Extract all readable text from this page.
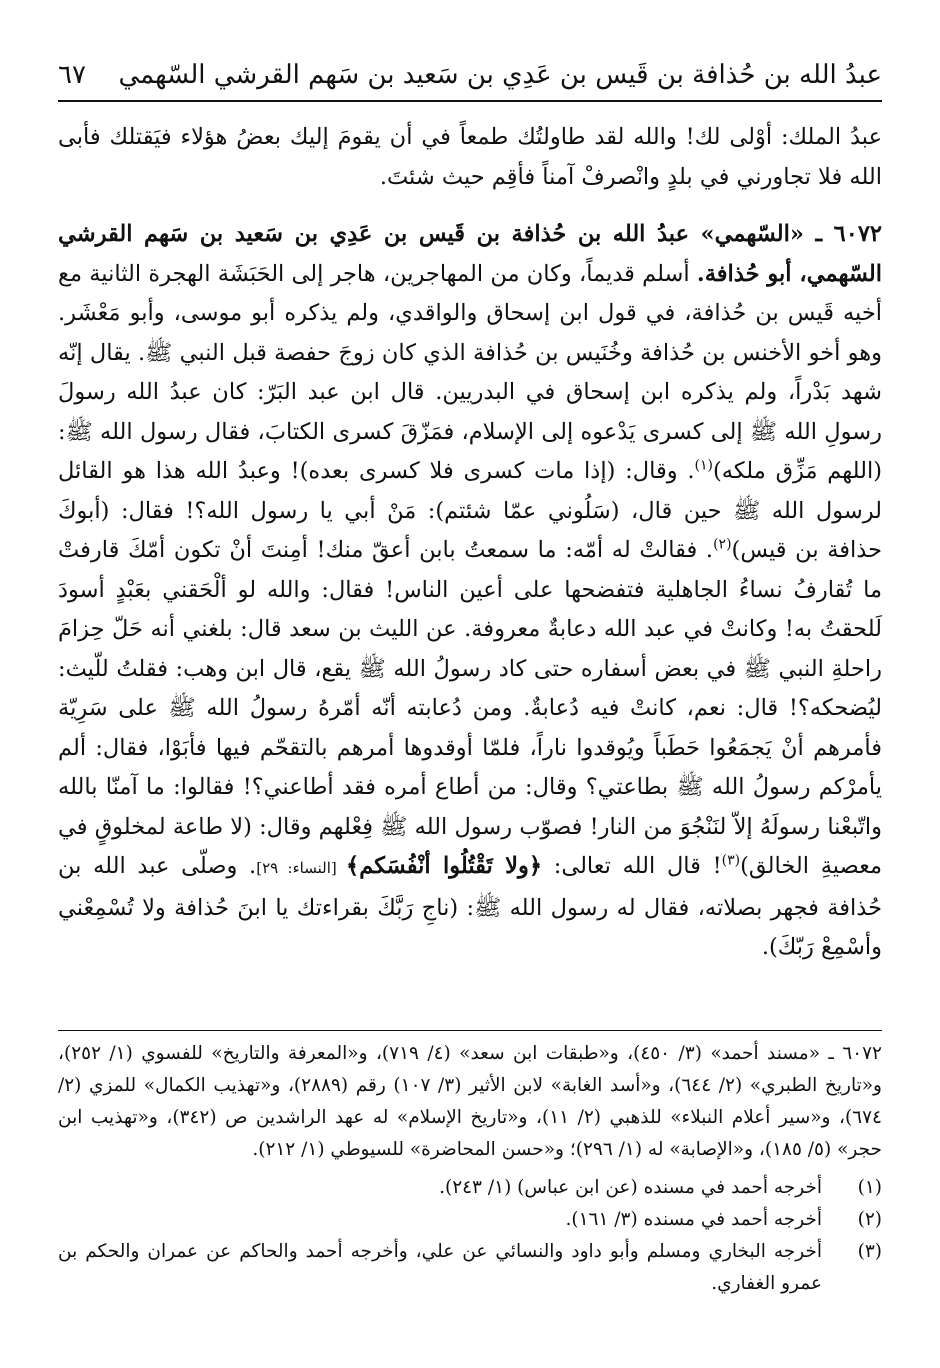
عبدُ الله بن حُذافة بن قَيس بن عَدِي بن سَعيد بن سَهم القرشي السّهمي
٦٧

عبدُ الملك: أوْلى لك! والله لقد طاولتُك طمعاً في أن يقومَ إليك بعضُ هؤلاء فيَقتلك فأبى الله فلا تجاورني في بلدٍ وانْصرفْ آمناً فأقِم حيث شئتَ.

٦٠٧٢ ـ «السّهمي» عبدُ الله بن حُذافة بن قَيس بن عَدِي بن سَعيد بن سَهم القرشي السّهمي، أبو حُذافة. أسلم قديماً، وكان من المهاجرين، هاجر إلى الحَبَشَة الهجرة الثانية مع أخيه قَيس بن حُذافة، في قول ابن إسحاق والواقدي، ولم يذكره أبو موسى، وأبو مَعْشَر. وهو أخو الأخنس بن حُذافة وخُنَيس بن حُذافة الذي كان زوجَ حفصة قبل النبي ﷺ. يقال إنّه شهد بَدْراً، ولم يذكره ابن إسحاق في البدريين. قال ابن عبد البَرّ: كان عبدُ الله رسولَ رسولِ الله ﷺ إلى كسرى يَدْعوه إلى الإسلام، فمَزّقَ كسرى الكتابَ، فقال رسول الله ﷺ: (اللهم مَزِّق ملكه)$^{(١)}$. وقال: (إذا مات كسرى فلا كسرى بعده)! وعبدُ الله هذا هو القائل لرسول الله ﷺ حين قال، (سَلُوني عمّا شئتم): مَنْ أبي يا رسول الله؟! فقال: (أبوكَ حذافة بن قيس)$^{(٢)}$. فقالتْ له أمّه: ما سمعتُ بابن أعقّ منك! أمِنتَ أنْ تكون أمّكَ قارفتْ ما تُقارفُ نساءُ الجاهلية فتفضحها على أعين الناس! فقال: والله لو ألْحَقني بعَبْدٍ أسودَ لَلحقتُ به! وكانتْ في عبد الله دعابةٌ معروفة. عن الليث بن سعد قال: بلغني أنه حَلّ حِزامَ راحلةِ النبي ﷺ في بعض أسفاره حتى كاد رسولُ الله ﷺ يقع، قال ابن وهب: فقلتُ للّيث: ليُضحكه؟! قال: نعم، كانتْ فيه دُعابةٌ. ومن دُعابته أنّه أمّرهُ رسولُ الله ﷺ على سَرِيّة فأمرهم أنْ يَجمَعُوا حَطَباً ويُوقدوا ناراً، فلمّا أوقدوها أمرهم بالتقحّم فيها فأبَوْا، فقال: ألم يأمرْكم رسولُ الله ﷺ بطاعتي؟ وقال: من أطاع أمره فقد أطاعني؟! فقالوا: ما آمنّا بالله واتّبعْنا رسولَهُ إلاّ لنَنْجُوَ من النار! فصوّب رسول الله ﷺ فِعْلهم وقال: (لا طاعة لمخلوقٍ في معصيةِ الخالق)$^{(٣)}$! قال الله تعالى: ﴿ولا تَقْتُلُوا أنْفُسَكم﴾ [النساء: ٢٩]. وصلّى عبد الله بن حُذافة فجهر بصلاته، فقال له رسول الله ﷺ: (ناجِ رَبَّكَ بقراءتك يا ابنَ حُذافة ولا تُسْمِعْني وأسْمِعْ رَبّكَ).

٦٠٧٢ ـ «مسند أحمد» (٣/ ٤٥٠)، و«طبقات ابن سعد» (٤/ ٧١٩)، و«المعرفة والتاريخ» للفسوي (١/ ٢٥٢)، و«تاريخ الطبري» (٢/ ٦٤٤)، و«أسد الغابة» لابن الأثير (٣/ ١٠٧) رقم (٢٨٨٩)، و«تهذيب الكمال» للمزي (٢/ ٦٧٤)، و«سير أعلام النبلاء» للذهبي (٢/ ١١)، و«تاريخ الإسلام» له عهد الراشدين ص (٣٤٢)، و«تهذيب ابن حجر» (٥/ ١٨٥)، و«الإصابة» له (١/ ٢٩٦)؛ و«حسن المحاضرة» للسيوطي (١/ ٢١٢).
(١)
أخرجه أحمد في مسنده (عن ابن عباس) (١/ ٢٤٣).
(٢)
أخرجه أحمد في مسنده (٣/ ١٦١).
(٣)
أخرجه البخاري ومسلم وأبو داود والنسائي عن علي، وأخرجه أحمد والحاكم عن عمران والحكم بن عمرو الغفاري.
